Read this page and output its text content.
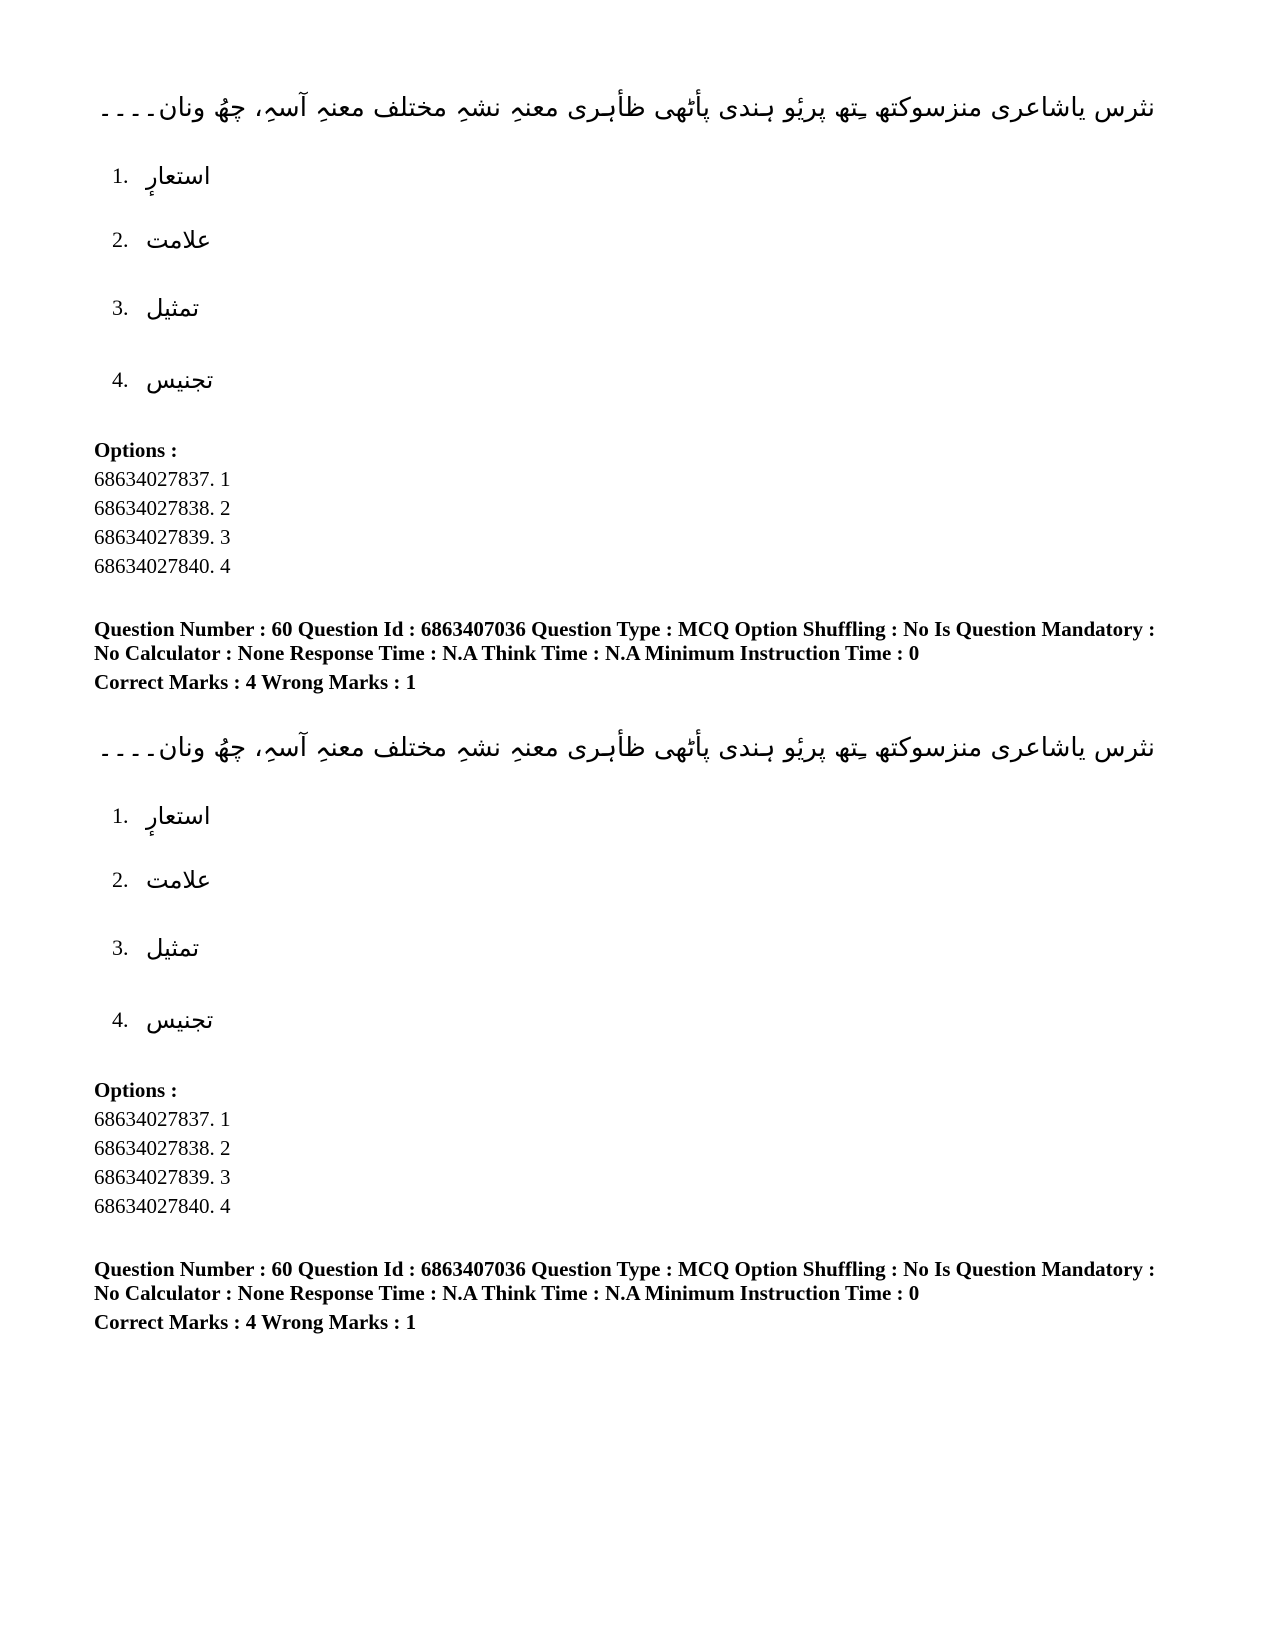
نثرس یاشاعری منزسوکتھ ـِتھ پریٔو ہندی پأٹھی ظأہری معنہِ نشہِ مختلف معنہِ آسہِ، چھُ ونان۔۔۔۔
1. استعارٕ
2. علامت
3. تمثیل
4. تجنیس
Options :
68634027837. 1
68634027838. 2
68634027839. 3
68634027840. 4
Question Number : 60 Question Id : 6863407036 Question Type : MCQ Option Shuffling : No Is Question Mandatory :
No Calculator : None Response Time : N.A Think Time : N.A Minimum Instruction Time : 0
Correct Marks : 4 Wrong Marks : 1
نثرس یاشاعری منزسوکتھ ـِتھ پریٔو ہندی پأٹھی ظأہری معنہِ نشہِ مختلف معنہِ آسہِ، چھُ ونان۔۔۔۔
1. استعارٕ
2. علامت
3. تمثیل
4. تجنیس
Options :
68634027837. 1
68634027838. 2
68634027839. 3
68634027840. 4
Question Number : 60 Question Id : 6863407036 Question Type : MCQ Option Shuffling : No Is Question Mandatory :
No Calculator : None Response Time : N.A Think Time : N.A Minimum Instruction Time : 0
Correct Marks : 4 Wrong Marks : 1
